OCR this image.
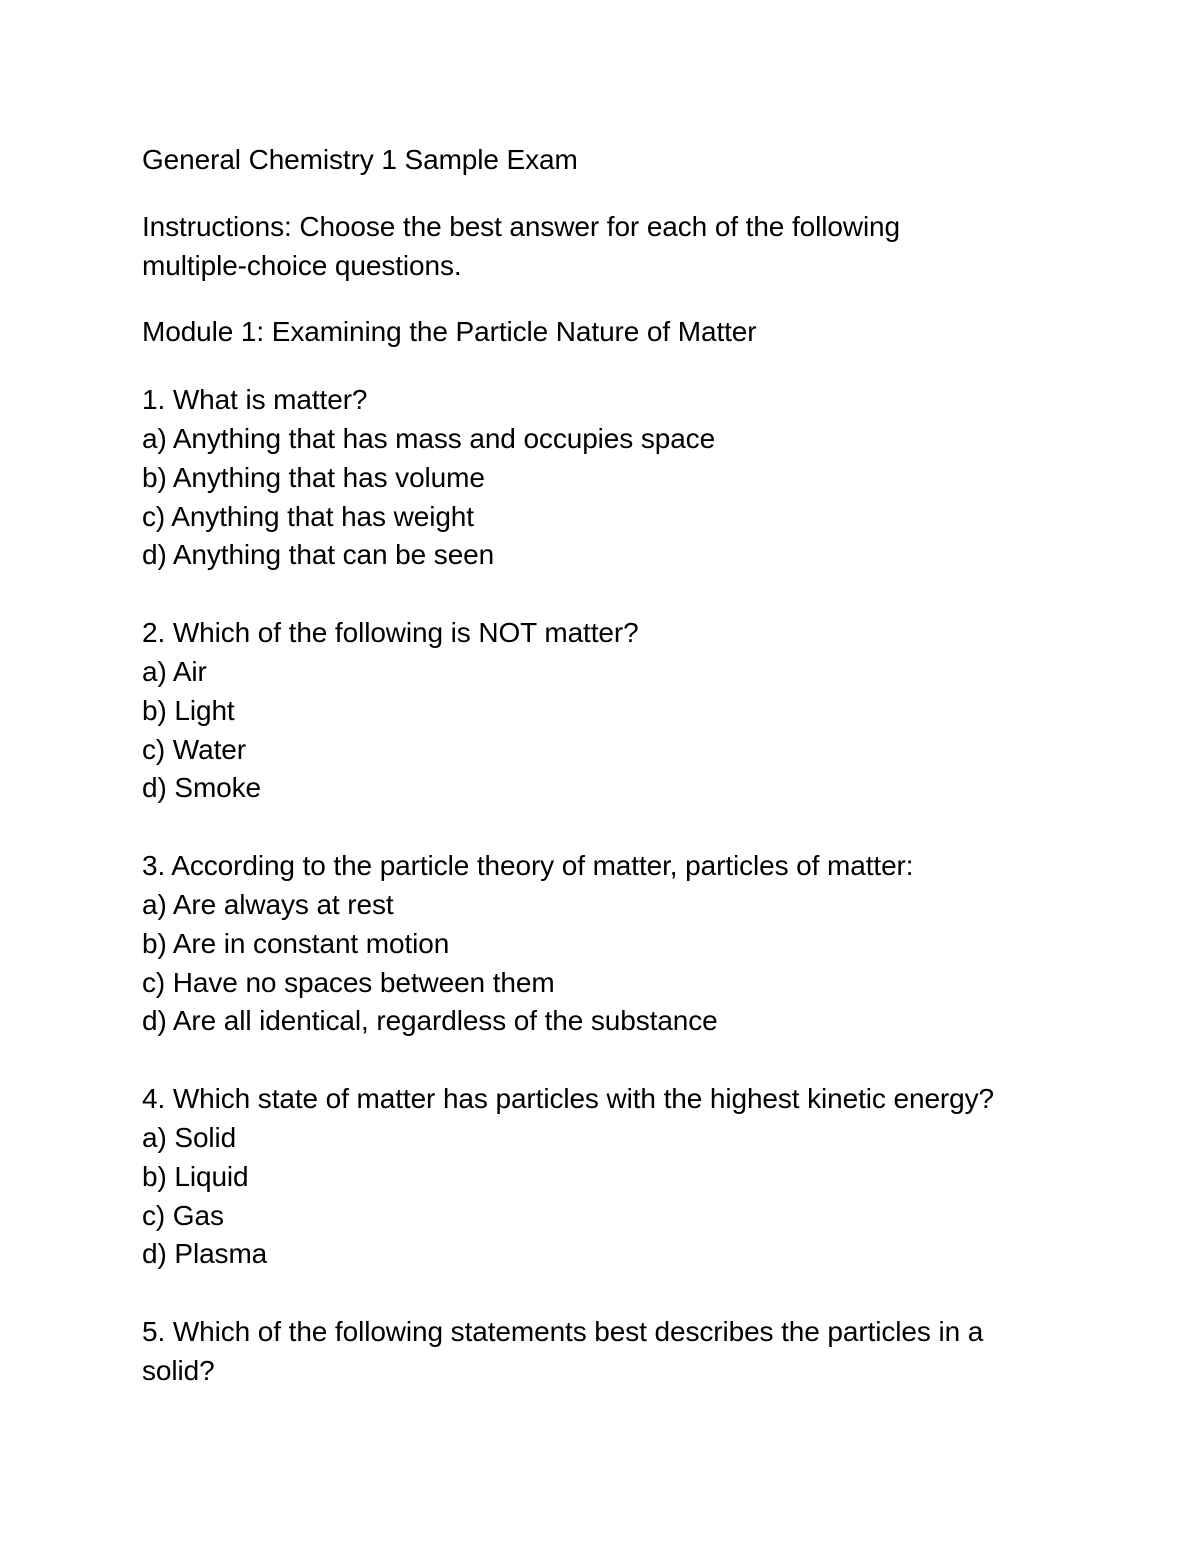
General Chemistry 1 Sample Exam
Instructions: Choose the best answer for each of the following
multiple-choice questions.
Module 1: Examining the Particle Nature of Matter
1. What is matter?
a) Anything that has mass and occupies space
b) Anything that has volume
c) Anything that has weight
d) Anything that can be seen
2. Which of the following is NOT matter?
a) Air
b) Light
c) Water
d) Smoke
3. According to the particle theory of matter, particles of matter:
a) Are always at rest
b) Are in constant motion
c) Have no spaces between them
d) Are all identical, regardless of the substance
4. Which state of matter has particles with the highest kinetic energy?
a) Solid
b) Liquid
c) Gas
d) Plasma
5. Which of the following statements best describes the particles in a
solid?
